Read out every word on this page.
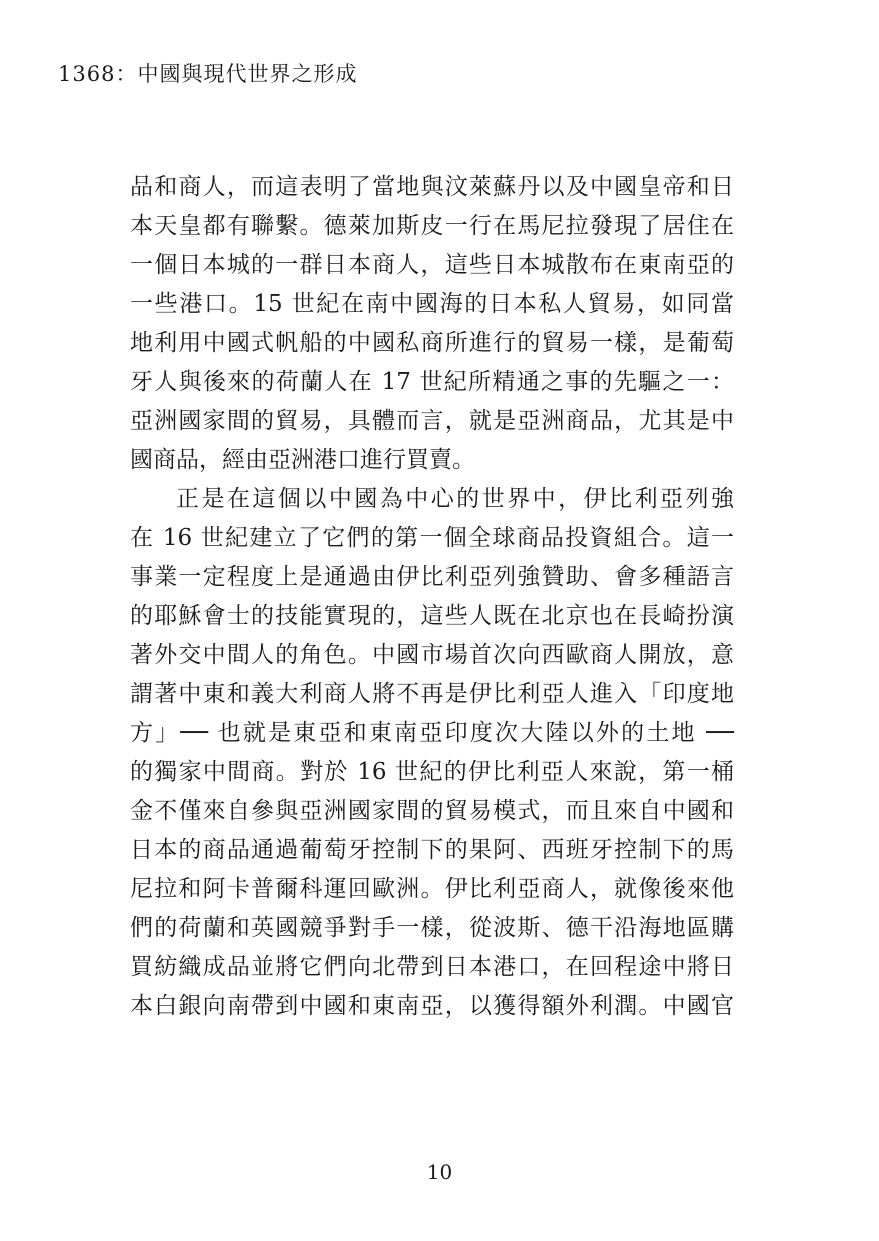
1368：中國與現代世界之形成
品和商人，而這表明了當地與汶萊蘇丹以及中國皇帝和日
本天皇都有聯繫。德萊加斯皮一行在馬尼拉發現了居住在
一個日本城的一群日本商人，這些日本城散布在東南亞的
一些港口。15 世紀在南中國海的日本私人貿易，如同當
地利用中國式帆船的中國私商所進行的貿易一樣，是葡萄
牙人與後來的荷蘭人在 17 世紀所精通之事的先驅之一：
亞洲國家間的貿易，具體而言，就是亞洲商品，尤其是中
國商品，經由亞洲港口進行買賣。
正是在這個以中國為中心的世界中，伊比利亞列強
在 16 世紀建立了它們的第一個全球商品投資組合。這一
事業一定程度上是通過由伊比利亞列強贊助、會多種語言
的耶穌會士的技能實現的，這些人既在北京也在長崎扮演
著外交中間人的角色。中國市場首次向西歐商人開放，意
謂著中東和義大利商人將不再是伊比利亞人進入「印度地
方」── 也就是東亞和東南亞印度次大陸以外的土地 ──
的獨家中間商。對於 16 世紀的伊比利亞人來說，第一桶
金不僅來自參與亞洲國家間的貿易模式，而且來自中國和
日本的商品通過葡萄牙控制下的果阿、西班牙控制下的馬
尼拉和阿卡普爾科運回歐洲。伊比利亞商人，就像後來他
們的荷蘭和英國競爭對手一樣，從波斯、德干沿海地區購
買紡織成品並將它們向北帶到日本港口，在回程途中將日
本白銀向南帶到中國和東南亞，以獲得額外利潤。中國官
10
